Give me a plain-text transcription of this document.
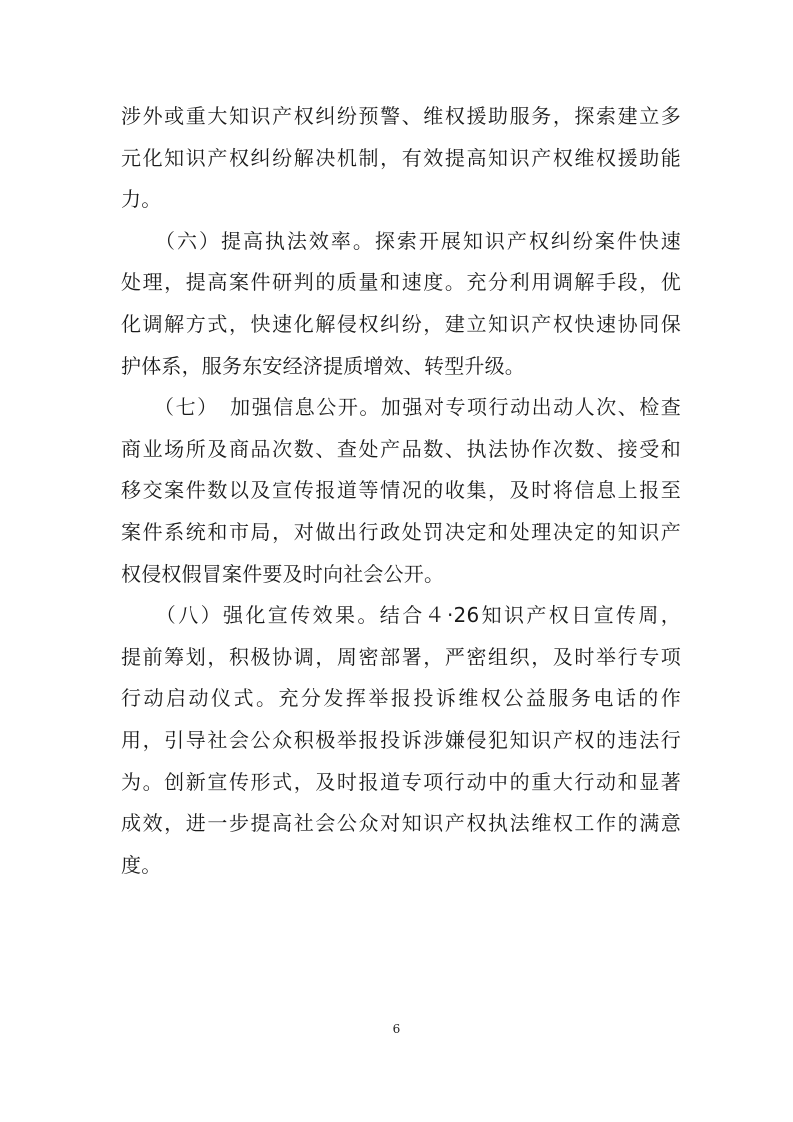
涉外或重大知识产权纠纷预警、维权援助服务，探索建立多
元化知识产权纠纷解决机制，有效提高知识产权维权援助能
力。
　　（六）提高执法效率。探索开展知识产权纠纷案件快速
处理，提高案件研判的质量和速度。充分利用调解手段，优
化调解方式，快速化解侵权纠纷，建立知识产权快速协同保
护体系，服务东安经济提质增效、转型升级。
　　（七）　加强信息公开。加强对专项行动出动人次、检查
商业场所及商品次数、查处产品数、执法协作次数、接受和
移交案件数以及宣传报道等情况的收集，及时将信息上报至
案件系统和市局，对做出行政处罚决定和处理决定的知识产
权侵权假冒案件要及时向社会公开。
　　（八）强化宣传效果。结合４·26知识产权日宣传周，
提前筹划，积极协调，周密部署，严密组织，及时举行专项
行动启动仪式。充分发挥举报投诉维权公益服务电话的作
用，引导社会公众积极举报投诉涉嫌侵犯知识产权的违法行
为。创新宣传形式，及时报道专项行动中的重大行动和显著
成效，进一步提高社会公众对知识产权执法维权工作的满意
度。
6
